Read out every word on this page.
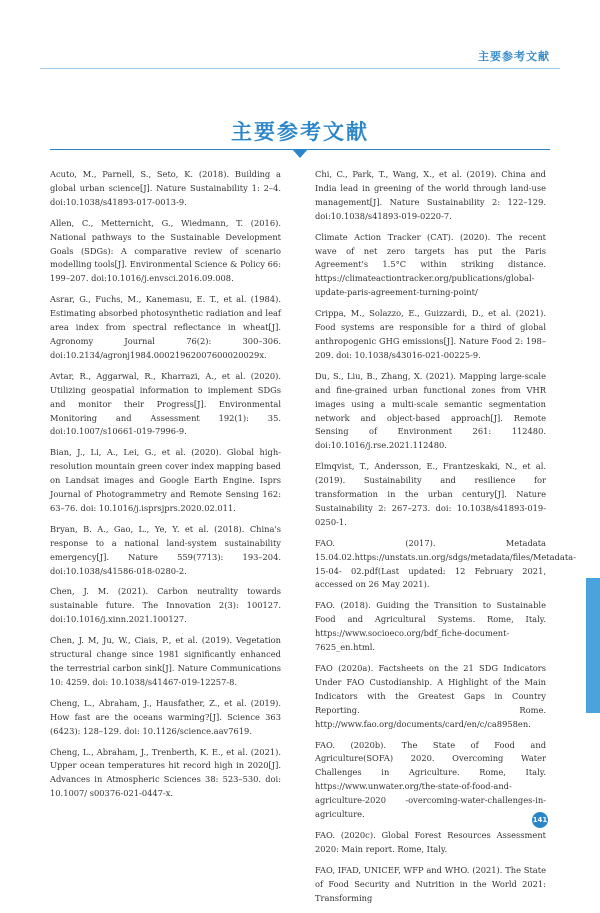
主要参考文献
主要参考文献

Acuto, M., Parnell, S., Seto, K. (2018). Building a global urban science[J]. Nature Sustainability 1: 2–4. doi:10.1038/s41893-017-0013-9.

Allen, C., Metternicht, G., Wiedmann, T. (2016). National pathways to the Sustainable Development Goals (SDGs): A comparative review of scenario modelling tools[J]. Environmental Science & Policy 66: 199–207. doi:10.1016/j.envsci.2016.09.008.

Asrar, G., Fuchs, M., Kanemasu, E. T., et al. (1984). Estimating absorbed photosynthetic radiation and leaf area index from spectral reflectance in wheat[J]. Agronomy Journal 76(2): 300–306. doi:10.2134/agronj1984.00021962007600020029x.

Avtar, R., Aggarwal, R., Kharrazi, A., et al. (2020). Utilizing geospatial information to implement SDGs and monitor their Progress[J]. Environmental Monitoring and Assessment 192(1): 35. doi:10.1007/s10661-019-7996-9.

Bian, J., Li, A., Lei, G., et al. (2020). Global high-resolution mountain green cover index mapping based on Landsat images and Google Earth Engine. Isprs Journal of Photogrammetry and Remote Sensing 162: 63–76. doi: 10.1016/j.isprsjprs.2020.02.011.

Bryan, B. A., Gao, L., Ye, Y. et al. (2018). China's response to a national land-system sustainability emergency[J]. Nature 559(7713): 193–204. doi:10.1038/s41586-018-0280-2.

Chen, J. M. (2021). Carbon neutrality towards sustainable future. The Innovation 2(3): 100127. doi:10.1016/j.xinn.2021.100127.

Chen, J. M, Ju, W., Ciais, P., et al. (2019). Vegetation structural change since 1981 significantly enhanced the terrestrial carbon sink[J]. Nature Communications 10: 4259. doi: 10.1038/s41467-019-12257-8.

Cheng, L., Abraham, J., Hausfather, Z., et al. (2019). How fast are the oceans warming?[J]. Science 363 (6423): 128–129. doi: 10.1126/science.aav7619.

Cheng, L., Abraham, J., Trenberth, K. E., et al. (2021). Upper ocean temperatures hit record high in 2020[J]. Advances in Atmospheric Sciences 38: 523–530. doi: 10.1007/ s00376-021-0447-x.

Chi, C., Park, T., Wang, X., et al. (2019). China and India lead in greening of the world through land-use management[J]. Nature Sustainability 2: 122–129. doi:10.1038/s41893-019-0220-7.

Climate Action Tracker (CAT). (2020). The recent wave of net zero targets has put the Paris Agreement's 1.5°C within striking distance. https://climateactiontracker.org/publications/global-update-paris-agreement-turning-point/

Crippa, M., Solazzo, E., Guizzardi, D., et al. (2021). Food systems are responsible for a third of global anthropogenic GHG emissions[J]. Nature Food 2: 198–209. doi: 10.1038/s43016-021-00225-9.

Du, S., Liu, B., Zhang, X. (2021). Mapping large-scale and fine-grained urban functional zones from VHR images using a multi-scale semantic segmentation network and object-based approach[J]. Remote Sensing of Environment 261: 112480. doi:10.1016/j.rse.2021.112480.

Elmqvist, T., Andersson, E., Frantzeskaki, N., et al. (2019). Sustainability and resilience for transformation in the urban century[J]. Nature Sustainability 2: 267–273. doi: 10.1038/s41893-019-0250-1.

FAO. (2017). Metadata 15.04.02.https://unstats.un.org/sdgs/metadata/files/Metadata-15-04- 02.pdf(Last updated: 12 February 2021, accessed on 26 May 2021).

FAO. (2018). Guiding the Transition to Sustainable Food and Agricultural Systems. Rome, Italy. https://www.socioeco.org/bdf_fiche-document-7625_en.html.

FAO (2020a). Factsheets on the 21 SDG Indicators Under FAO Custodianship. A Highlight of the Main Indicators with the Greatest Gaps in Country Reporting. Rome. http://www.fao.org/documents/card/en/c/ca8958en.

FAO. (2020b). The State of Food and Agriculture(SOFA) 2020. Overcoming Water Challenges in Agriculture. Rome, Italy. https://www.unwater.org/the-state-of-food-and-agriculture-2020 -overcoming-water-challenges-in-agriculture.

FAO. (2020c). Global Forest Resources Assessment 2020: Main report. Rome, Italy.

FAO, IFAD, UNICEF, WFP and WHO. (2021). The State of Food Security and Nutrition in the World 2021: Transforming

141
